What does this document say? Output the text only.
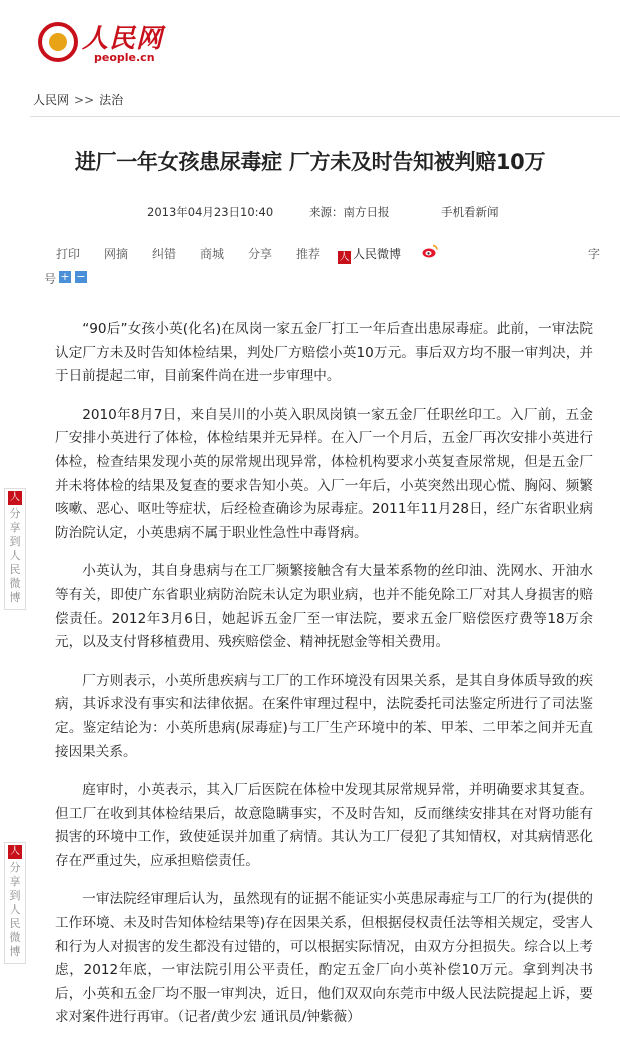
人民网
people.cn
人民网 >> 法治
进厂一年女孩患尿毒症 厂方未及时告知被判赔10万
2013年04月23日10:40	来源：南方日报	手机看新闻
打印 网摘 纠错 商城 分享 推荐 人 人民微博	字
号 + −

“90后”女孩小英(化名)在凤岗一家五金厂打工一年后查出患尿毒症。此前，一审法院认定厂方未及时告知体检结果，判处厂方赔偿小英10万元。事后双方均不服一审判决，并于日前提起二审，目前案件尚在进一步审理中。

2010年8月7日，来自吴川的小英入职凤岗镇一家五金厂任职丝印工。入厂前，五金厂安排小英进行了体检，体检结果并无异样。在入厂一个月后，五金厂再次安排小英进行体检，检查结果发现小英的尿常规出现异常，体检机构要求小英复查尿常规，但是五金厂并未将体检的结果及复查的要求告知小英。入厂一年后，小英突然出现心慌、胸闷、频繁咳嗽、恶心、呕吐等症状，后经检查确诊为尿毒症。2011年11月28日，经广东省职业病防治院认定，小英患病不属于职业性急性中毒肾病。

小英认为，其自身患病与在工厂频繁接触含有大量苯系物的丝印油、洗网水、开油水等有关，即使广东省职业病防治院未认定为职业病，也并不能免除工厂对其人身损害的赔偿责任。2012年3月6日，她起诉五金厂至一审法院，要求五金厂赔偿医疗费等18万余元，以及支付肾移植费用、残疾赔偿金、精神抚慰金等相关费用。

厂方则表示，小英所患疾病与工厂的工作环境没有因果关系，是其自身体质导致的疾病，其诉求没有事实和法律依据。在案件审理过程中，法院委托司法鉴定所进行了司法鉴定。鉴定结论为：小英所患病(尿毒症)与工厂生产环境中的苯、甲苯、二甲苯之间并无直接因果关系。

庭审时，小英表示，其入厂后医院在体检中发现其尿常规异常，并明确要求其复查。但工厂在收到其体检结果后，故意隐瞒事实，不及时告知，反而继续安排其在对肾功能有损害的环境中工作，致使延误并加重了病情。其认为工厂侵犯了其知情权，对其病情恶化存在严重过失，应承担赔偿责任。

一审法院经审理后认为，虽然现有的证据不能证实小英患尿毒症与工厂的行为(提供的工作环境、未及时告知体检结果等)存在因果关系，但根据侵权责任法等相关规定，受害人和行为人对损害的发生都没有过错的，可以根据实际情况，由双方分担损失。综合以上考虑，2012年底，一审法院引用公平责任，酌定五金厂向小英补偿10万元。拿到判决书后，小英和五金厂均不服一审判决，近日，他们双双向东莞市中级人民法院提起上诉，要求对案件进行再审。（记者/黄少宏 通讯员/钟紫薇）

人
分享到人民微博
人
分享到人民微博
